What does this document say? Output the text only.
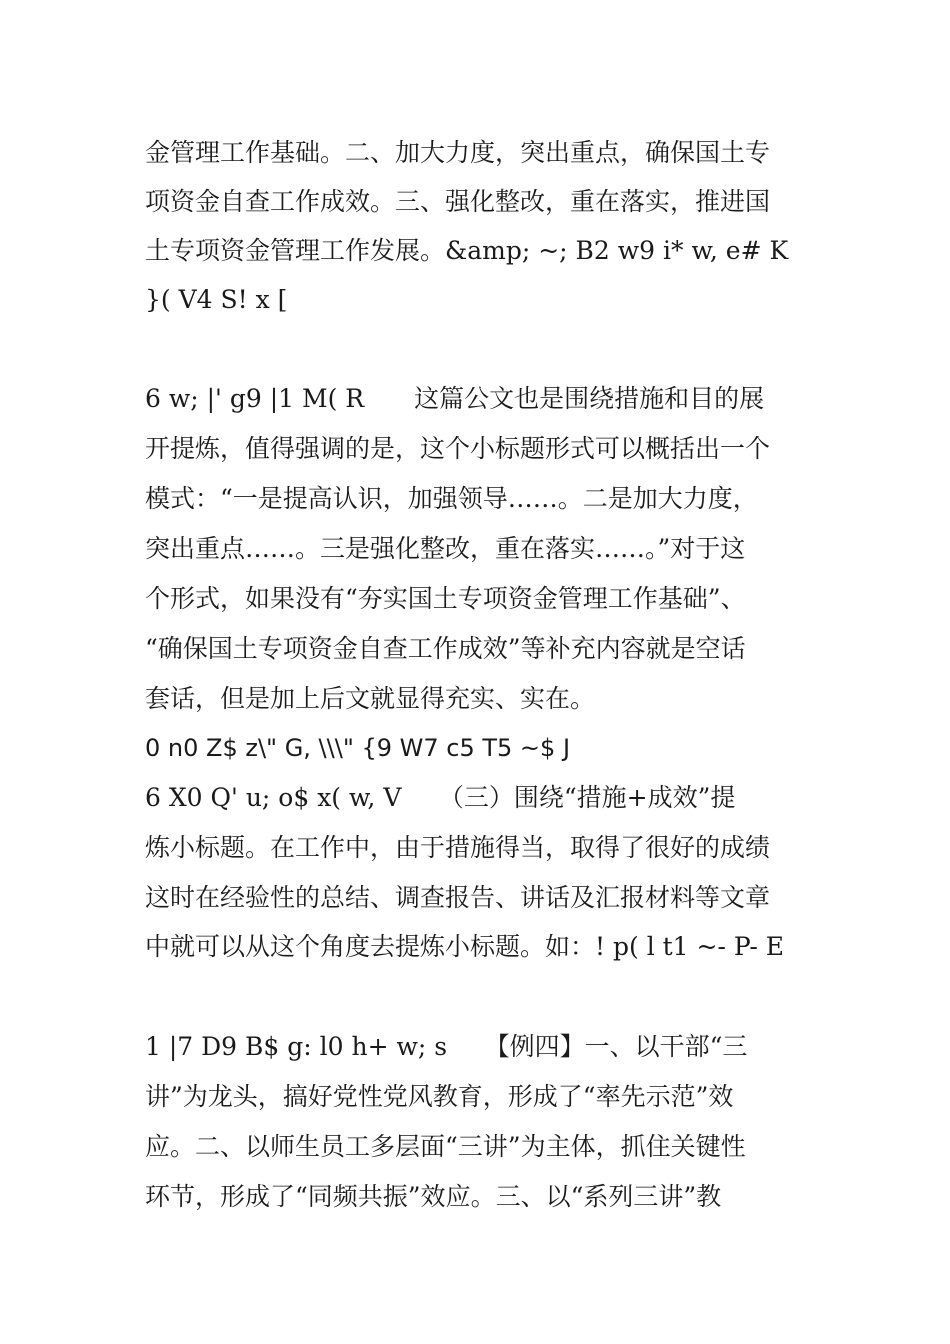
金管理工作基础。二、加大力度，突出重点，确保国土专
项资金自查工作成效。三、强化整改，重在落实，推进国
土专项资金管理工作发展。&amp; ~; B2 w9 i* w, e# K
}( V4 S! x [
6 w; |' g9 |1 M( R　　这篇公文也是围绕措施和目的展
开提炼，值得强调的是，这个小标题形式可以概括出一个
模式：“一是提高认识，加强领导……。二是加大力度，
突出重点……。三是强化整改，重在落实……。”对于这
个形式，如果没有“夯实国土专项资金管理工作基础”、
“确保国土专项资金自查工作成效”等补充内容就是空话
套话，但是加上后文就显得充实、实在。
0 n0 Z$ z\" G, \\\" {9 W7 c5 T5 ~$ J
6 X0 Q' u; o$ x( w, V　　（三）围绕“措施+成效”提
炼小标题。在工作中，由于措施得当，取得了很好的成绩
这时在经验性的总结、调查报告、讲话及汇报材料等文章
中就可以从这个角度去提炼小标题。如：! p( l t1 ~- P- E
1 |7 D9 B$ g: l0 h+ w; s　　【例四】一、以干部“三
讲”为龙头，搞好党性党风教育，形成了“率先示范”效
应。二、以师生员工多层面“三讲”为主体，抓住关键性
环节，形成了“同频共振”效应。三、以“系列三讲”教
